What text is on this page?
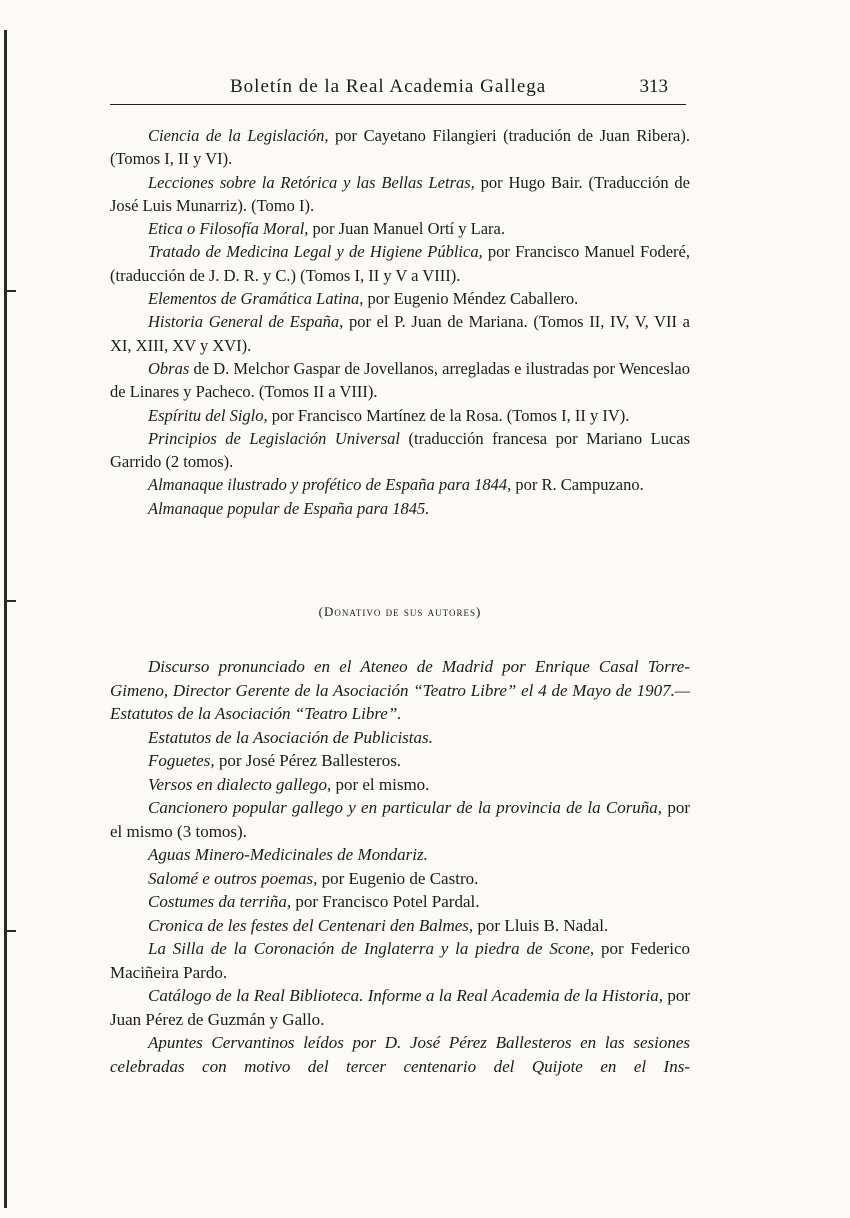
Boletín de la Real Academia Gallega	313

Ciencia de la Legislación, por Cayetano Filangieri (tradución de Juan Ribera). (Tomos I, II y VI).

Lecciones sobre la Retórica y las Bellas Letras, por Hugo Bair. (Traducción de José Luis Munarriz). (Tomo I).

Etica o Filosofía Moral, por Juan Manuel Ortí y Lara.

Tratado de Medicina Legal y de Higiene Pública, por Francisco Manuel Foderé, (traducción de J. D. R. y C.) (Tomos I, II y V a VIII).

Elementos de Gramática Latina, por Eugenio Méndez Caballero.

Historia General de España, por el P. Juan de Mariana. (Tomos II, IV, V, VII a XI, XIII, XV y XVI).

Obras de D. Melchor Gaspar de Jovellanos, arregladas e ilustradas por Wenceslao de Linares y Pacheco. (Tomos II a VIII).

Espíritu del Siglo, por Francisco Martínez de la Rosa. (Tomos I, II y IV).

Principios de Legislación Universal (traducción francesa por Mariano Lucas Garrido (2 tomos).

Almanaque ilustrado y profético de España para 1844, por R. Campuzano.

Almanaque popular de España para 1845.

(Donativo de sus autores)

Discurso pronunciado en el Ateneo de Madrid por Enrique Casal Torre-Gimeno, Director Gerente de la Asociación “Teatro Libre” el 4 de Mayo de 1907.—Estatutos de la Asociación “Teatro Libre”.

Estatutos de la Asociación de Publicistas.

Foguetes, por José Pérez Ballesteros.

Versos en dialecto gallego, por el mismo.

Cancionero popular gallego y en particular de la provincia de la Coruña, por el mismo (3 tomos).

Aguas Minero-Medicinales de Mondariz.

Salomé e outros poemas, por Eugenio de Castro.

Costumes da terriña, por Francisco Potel Pardal.

Cronica de les festes del Centenari den Balmes, por Lluis B. Nadal.

La Silla de la Coronación de Inglaterra y la piedra de Scone, por Federico Maciñeira Pardo.

Catálogo de la Real Biblioteca. Informe a la Real Academia de la Historia, por Juan Pérez de Guzmán y Gallo.

Apuntes Cervantinos leídos por D. José Pérez Ballesteros en las sesiones celebradas con motivo del tercer centenario del Quijote en el Ins-
